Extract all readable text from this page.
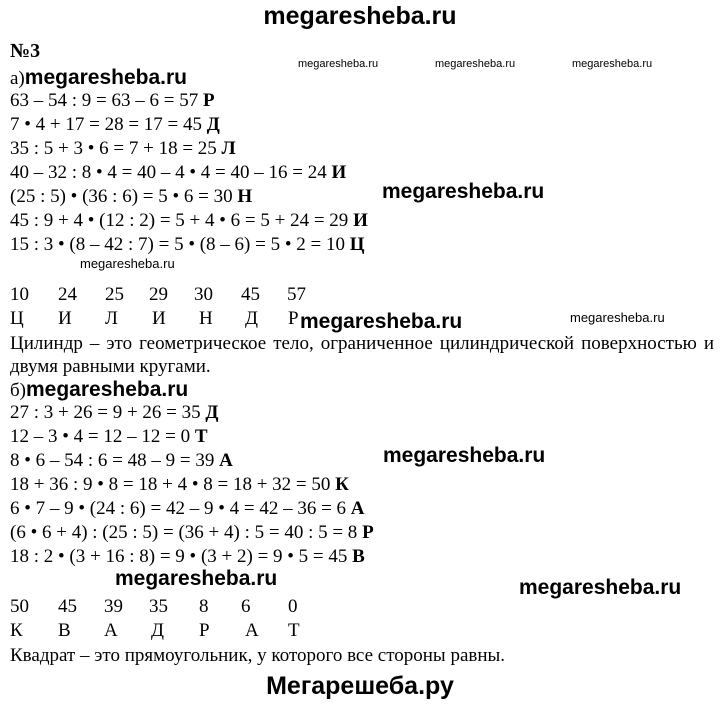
megaresheba.ru
№3
megaresheba.ru	megaresheba.ru	megaresheba.ru
а)megaresheba.ru
63 – 54 : 9 = 63 – 6 = 57 Р
7 • 4 + 17 = 28 = 17 = 45 Д
35 : 5 + 3 • 6 = 7 + 18 = 25 Л
40 – 32 : 8 • 4 = 40 – 4 • 4 = 40 – 16 = 24 И
(25 : 5) • (36 : 6) = 5 • 6 = 30 Н
45 : 9 + 4 • (12 : 2) = 5 + 4 • 6 = 5 + 24 = 29 И
15 : 3 • (8 – 42 : 7) = 5 • (8 – 6) = 5 • 2 = 10 Ц
megaresheba.ru
megaresheba.ru
10 24 25 29 30 45 57
Ц И Л И Н Д Р megaresheba.ru	megaresheba.ru
Цилиндр – это геометрическое тело, ограниченное цилиндрической поверхностью и двумя равными кругами.
б)megaresheba.ru
27 : 3 + 26 = 9 + 26 = 35 Д
12 – 3 • 4 = 12 – 12 = 0 Т
8 • 6 – 54 : 6 = 48 – 9 = 39 А
18 + 36 : 9 • 8 = 18 + 4 • 8 = 18 + 32 = 50 К
6 • 7 – 9 • (24 : 6) = 42 – 9 • 4 = 42 – 36 = 6 А
(6 • 6 + 4) : (25 : 5) = (36 + 4) : 5 = 40 : 5 = 8 Р
18 : 2 • (3 + 16 : 8) = 9 • (3 + 2) = 9 • 5 = 45 В
megaresheba.ru
megaresheba.ru	megaresheba.ru
50 45 39 35 8 6 0
К В А Д Р А Т
Квадрат – это прямоугольник, у которого все стороны равны.
Мегарешеба.ру
